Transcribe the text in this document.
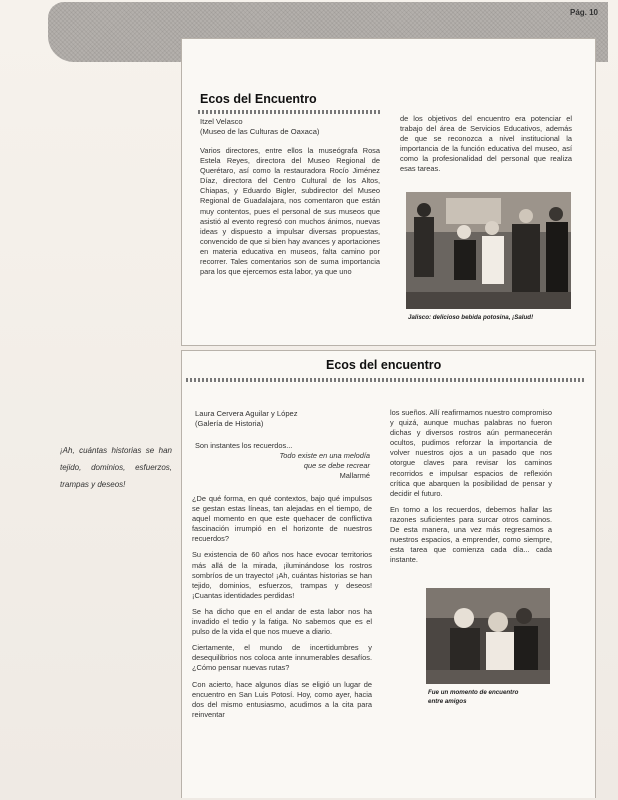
Pág. 10
Ecos del Encuentro
Itzel Velasco
(Museo de las Culturas de Oaxaca)

Varios directores, entre ellos la museógrafa Rosa Estela Reyes, directora del Museo Regional de Querétaro, así como la restauradora Rocío Jiménez Díaz, directora del Centro Cultural de los Altos, Chiapas, y Eduardo Bigler, subdirector del Museo Regional de Guadalajara, nos comentaron que están muy contentos, pues el personal de sus museos que asistió al evento regresó con muchos ánimos, nuevas ideas y dispuesto a impulsar diversas propuestas, convencido de que si bien hay avances y aportaciones en materia educativa en museos, falta camino por recorrer. Tales comentarios son de suma importancia para los que ejercemos esta labor, ya que uno

de los objetivos del encuentro era potenciar el trabajo del área de Servicios Educativos, además de que se reconozca a nivel institucional la importancia de la función educativa del museo, así como la profesionalidad del personal que realiza esas tareas.

Jalisco: delicioso bebida potosina, ¡Salud!
Ecos del encuentro
Laura Cervera Aguilar y López
(Galería de Historia)
Son instantes los recuerdos...
Todo existe en una melodía
que se debe recrear
Mallarmé

¿De qué forma, en qué contextos, bajo qué impulsos se gestan estas líneas, tan alejadas en el tiempo, de aquel momento en que este quehacer de conflictiva fascinación irrumpió en el horizonte de nuestros recuerdos?

Su existencia de 60 años nos hace evocar territorios más allá de la mirada, ¡iluminándose los rostros sombríos de un trayecto! ¡Ah, cuántas historias se han tejido, dominios, esfuerzos, trampas y deseos! ¡Cuantas identidades perdidas!

Se ha dicho que en el andar de esta labor nos ha invadido el tedio y la fatiga. No sabemos que es el pulso de la vida el que nos mueve a diario.

Ciertamente, el mundo de incertidumbres y desequilibrios nos coloca ante innumerables desafíos. ¿Cómo pensar nuevas rutas?

Con acierto, hace algunos días se eligió un lugar de encuentro en San Luis Potosí. Hoy, como ayer, hacia dos del mismo entusiasmo, acudimos a la cita para reinventar

los sueños. Allí reafirmamos nuestro compromiso y quizá, aunque muchas palabras no fueron dichas y diversos rostros aún permanecerán ocultos, pudimos reforzar la importancia de volver nuestros ojos a un pasado que nos otorgue claves para revisar los caminos recorridos e impulsar espacios de reflexión crítica que abarquen la posibilidad de pensar y decidir el futuro.

En torno a los recuerdos, debemos hallar las razones suficientes para surcar otros caminos. De esta manera, una vez más regresamos a nuestros espacios, a emprender, como siempre, esta tarea que comienza cada día... cada instante.

Fue un momento de encuentro
entre amigos
¡Ah, cuántas historias se han tejido, dominios, esfuerzos, trampas y deseos!
